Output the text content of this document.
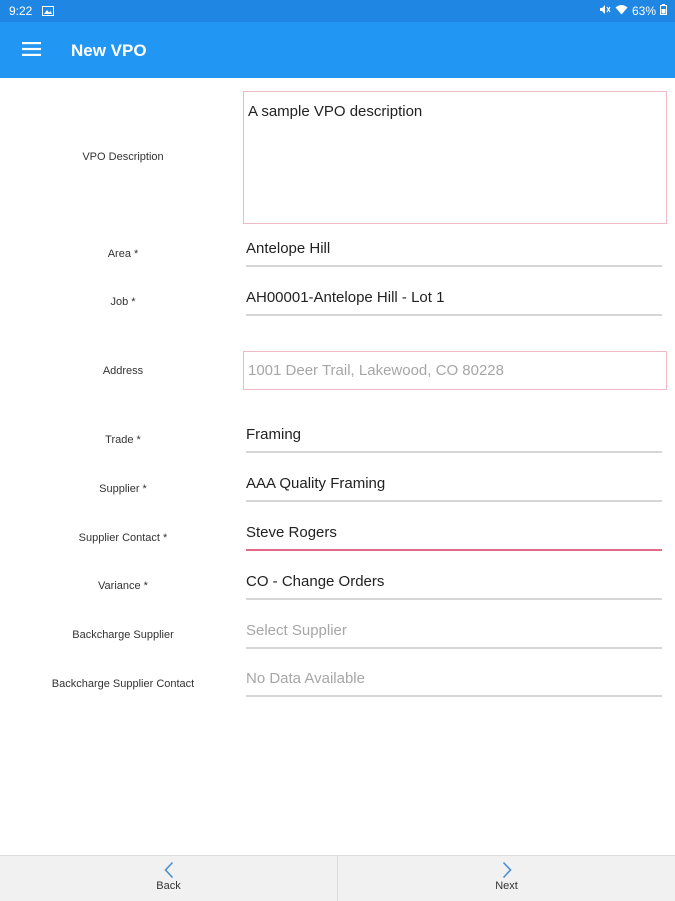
9:22	63%
New VPO
VPO Description
A sample VPO description
Area *	Antelope Hill
Job *	AH00001-Antelope Hill - Lot 1
Address	1001 Deer Trail, Lakewood, CO 80228
Trade *	Framing
Supplier *	AAA Quality Framing
Supplier Contact *	Steve Rogers
Variance *	CO - Change Orders
Backcharge Supplier	Select Supplier
Backcharge Supplier Contact	No Data Available
Back	Next
